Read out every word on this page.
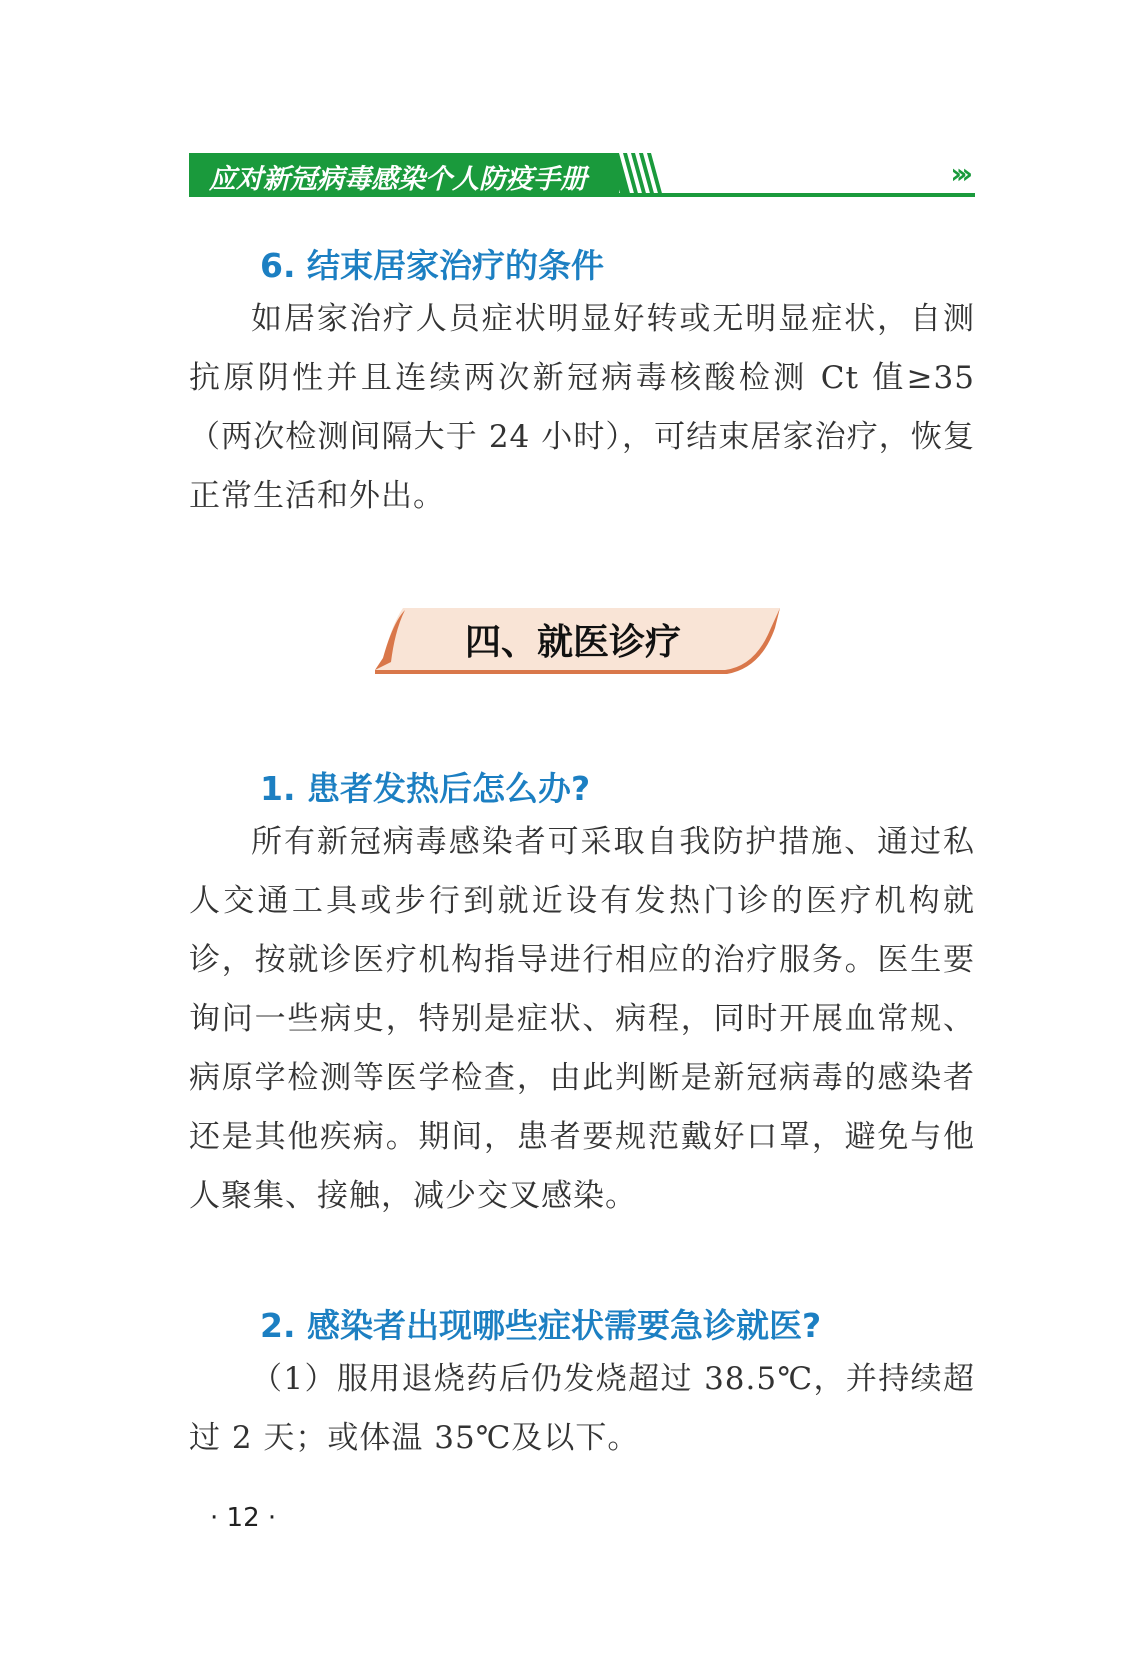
应对新冠病毒感染个人防疫手册	›››
6. 结束居家治疗的条件
如居家治疗人员症状明显好转或无明显症状，自测抗原阴性并且连续两次新冠病毒核酸检测 Ct 值≥35（两次检测间隔大于 24 小时），可结束居家治疗，恢复正常生活和外出。
四、就医诊疗
1. 患者发热后怎么办?
所有新冠病毒感染者可采取自我防护措施、通过私人交通工具或步行到就近设有发热门诊的医疗机构就诊，按就诊医疗机构指导进行相应的治疗服务。医生要询问一些病史，特别是症状、病程，同时开展血常规、病原学检测等医学检查，由此判断是新冠病毒的感染者还是其他疾病。期间，患者要规范戴好口罩，避免与他人聚集、接触，减少交叉感染。
2. 感染者出现哪些症状需要急诊就医?
（1）服用退烧药后仍发烧超过 38.5℃，并持续超过 2 天；或体温 35℃及以下。
· 12 ·
